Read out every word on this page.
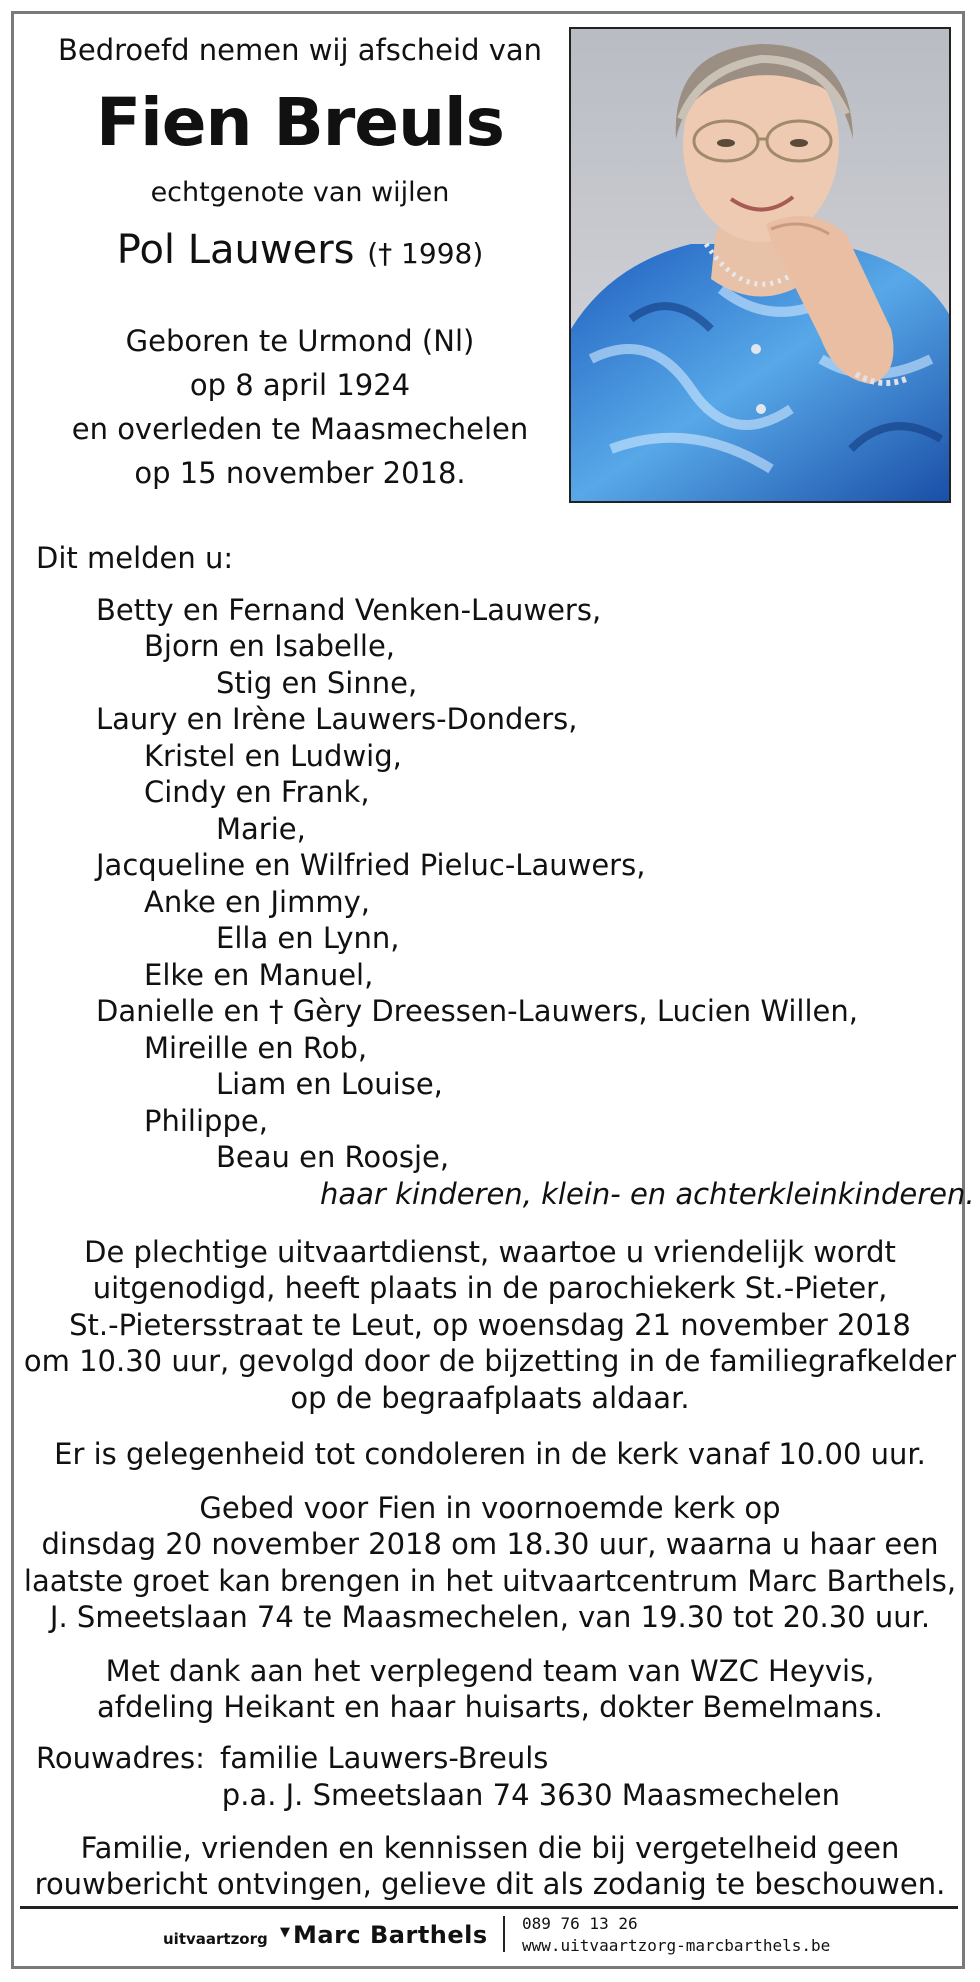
Bedroefd nemen wij afscheid van

Fien Breuls

echtgenote van wijlen

Pol Lauwers († 1998)

Geboren te Urmond (Nl)

op 8 april 1924

en overleden te Maasmechelen

op 15 november 2018.

Dit melden u:

Betty en Fernand Venken-Lauwers,

Bjorn en Isabelle,

Stig en Sinne,

Laury en Irène Lauwers-Donders,

Kristel en Ludwig,

Cindy en Frank,

Marie,

Jacqueline en Wilfried Pieluc-Lauwers,

Anke en Jimmy,

Ella en Lynn,

Elke en Manuel,

Danielle en † Gèry Dreessen-Lauwers, Lucien Willen,

Mireille en Rob,

Liam en Louise,

Philippe,

Beau en Roosje,

haar kinderen, klein- en achterkleinkinderen.

De plechtige uitvaartdienst, waartoe u vriendelijk wordt

uitgenodigd, heeft plaats in de parochiekerk St.-Pieter,

St.-Pietersstraat te Leut, op woensdag 21 november 2018

om 10.30 uur, gevolgd door de bijzetting in de familiegrafkelder

op de begraafplaats aldaar.

Er is gelegenheid tot condoleren in de kerk vanaf 10.00 uur.

Gebed voor Fien in voornoemde kerk op

dinsdag 20 november 2018 om 18.30 uur, waarna u haar een

laatste groet kan brengen in het uitvaartcentrum Marc Barthels,

J. Smeetslaan 74 te Maasmechelen, van 19.30 tot 20.30 uur.

Met dank aan het verplegend team van WZC Heyvis,

afdeling Heikant en haar huisarts, dokter Bemelmans.

Rouwadres: familie Lauwers-Breuls

p.a. J. Smeetslaan 74 3630 Maasmechelen

Familie, vrienden en kennissen die bij vergetelheid geen

rouwbericht ontvingen, gelieve dit als zodanig te beschouwen.

uitvaartzorg ▼ Marc Barthels 089 76 13 26

www.uitvaartzorg-marcbarthels.be
